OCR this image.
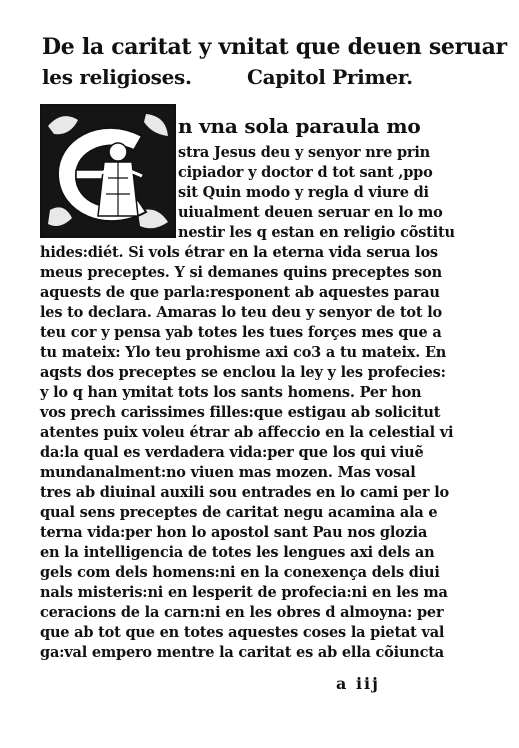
De la caritat y vnitat que deuen seruar
les religioses.	Capitol Primer.
n vna sola paraula mo
stra Jesus deu y senyor nre prin
cipiador y doctor d tot sant ,ppo
sit Quin modo y regla d viure di
uiualment deuen seruar en lo mo
nestir les q estan en religio cõstitu
hides:diét. Si vols étrar en la eterna vida serua los
meus preceptes. Y si demanes quins preceptes son
aquests de que parla:responent ab aquestes parau
les to declara. Amaras lo teu deu y senyor de tot lo
teu cor y pensa yab totes les tues forçes mes que a
tu mateix: Ylo teu prohisme axi co3 a tu mateix. En
aqsts dos preceptes se enclou la ley y les profecies:
y lo q han ymitat tots los sants homens. Per hon
vos prech carissimes filles:que estigau ab solicitut
atentes puix voleu étrar ab affeccio en la celestial vi
da:la qual es verdadera vida:per que los qui viuẽ
mundanalment:no viuen mas mozen. Mas vosal
tres ab diuinal auxili sou entrades en lo cami per lo
qual sens preceptes de caritat negu acamina ala e
terna vida:per hon lo apostol sant Pau nos glozia
en la intelligencia de totes les lengues axi dels an
gels com dels homens:ni en la conexença dels diui
nals misteris:ni en lesperit de profecia:ni en les ma
ceracions de la carn:ni en les obres d almoyna: per
que ab tot que en totes aquestes coses la pietat val
ga:val empero mentre la caritat es ab ella cõiuncta
a iij
